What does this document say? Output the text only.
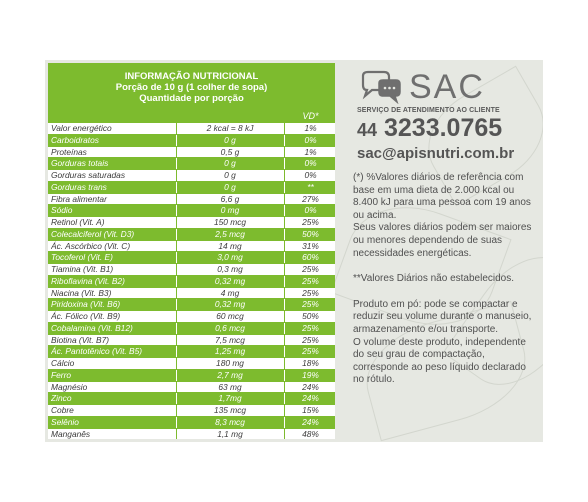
INFORMAÇÃO NUTRICIONAL
Porção de 10 g (1 colher de sopa)
Quantidade por porção
VD*
Valor energético	2 kcal = 8 kJ	1%
Carboidratos	0 g	0%
Proteínas	0,5 g	1%
Gorduras totais	0 g	0%
Gorduras saturadas	0 g	0%
Gorduras trans	0 g	**
Fibra alimentar	6,6 g	27%
Sódio	0 mg	0%
Retinol (Vit. A)	150 mcg	25%
Colecalciferol (Vit. D3)	2,5 mcg	50%
Ác. Ascórbico (Vit. C)	14 mg	31%
Tocoferol (Vit. E)	3,0 mg	60%
Tiamina (Vit. B1)	0,3 mg	25%
Riboflavina (Vit. B2)	0,32 mg	25%
Niacina (Vit. B3)	4 mg	25%
Piridoxina (Vit. B6)	0,32 mg	25%
Ác. Fólico (Vit. B9)	60 mcg	50%
Cobalamina (Vit. B12)	0,6 mcg	25%
Biotina (Vit. B7)	7,5 mcg	25%
Ác. Pantotênico (Vit. B5)	1,25 mg	25%
Cálcio	180 mg	18%
Ferro	2,7 mg	19%
Magnésio	63 mg	24%
Zinco	1,7mg	24%
Cobre	135 mcg	15%
Selênio	8,3 mcg	24%
Manganês	1,1 mg	48%
SAC
SERVIÇO DE ATENDIMENTO AO CLIENTE
44 3233.0765
sac@apisnutri.com.br

(*) %Valores diários de referência com base em uma dieta de 2.000 kcal ou 8.400 kJ para uma pessoa com 19 anos ou acima.

Seus valores diários podem ser maiores ou menores dependendo de suas necessidades energéticas.

**Valores Diários não estabelecidos.

Produto em pó: pode se compactar e reduzir seu volume durante o manuseio, armazenamento e/ou transporte.

O volume deste produto, independente do seu grau de compactação, corresponde ao peso líquido declarado no rótulo.
